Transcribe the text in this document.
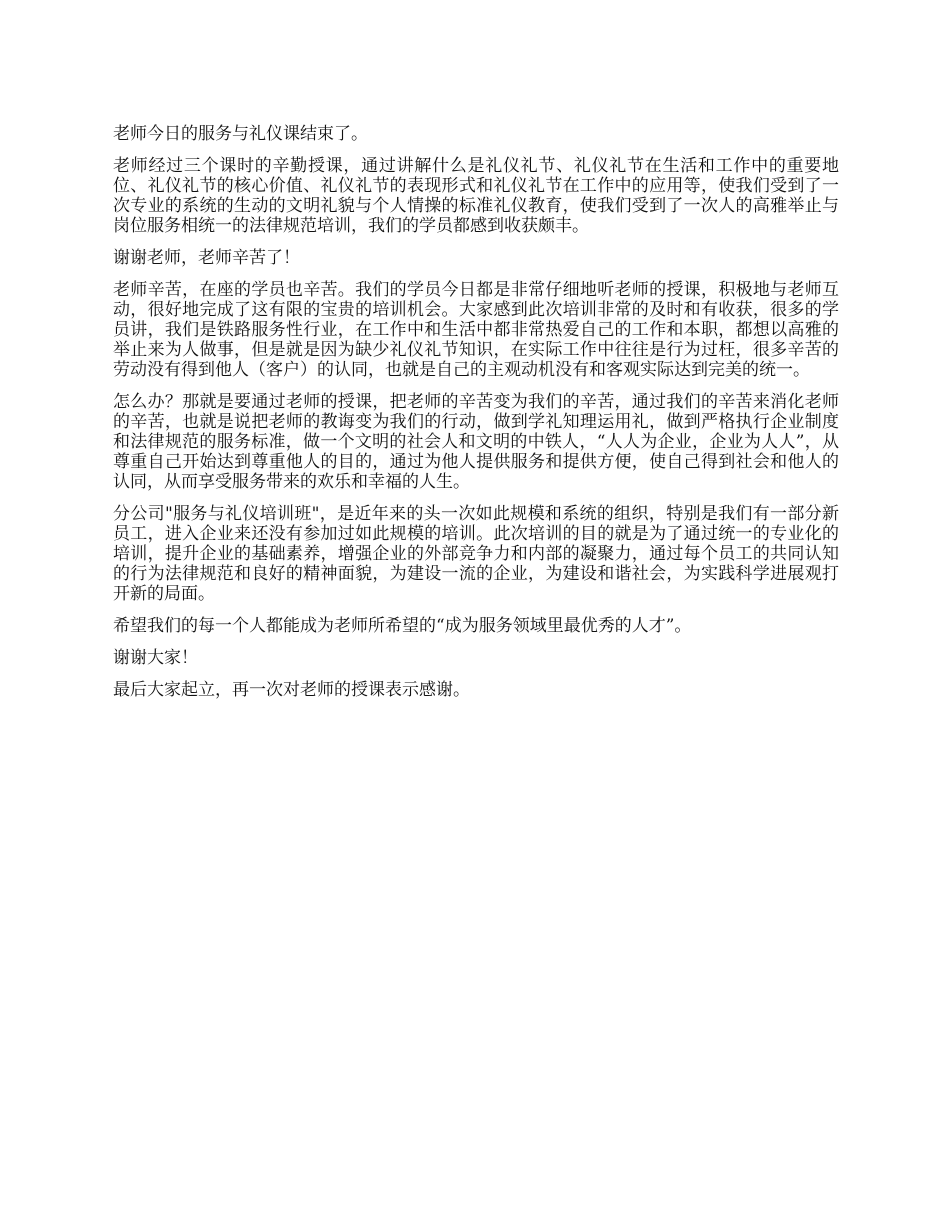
老师今日的服务与礼仪课结束了。

老师经过三个课时的辛勤授课，通过讲解什么是礼仪礼节、礼仪礼节在生活和工作中的重要地位、礼仪礼节的核心价值、礼仪礼节的表现形式和礼仪礼节在工作中的应用等，使我们受到了一次专业的系统的生动的文明礼貌与个人情操的标准礼仪教育，使我们受到了一次人的高雅举止与岗位服务相统一的法律规范培训，我们的学员都感到收获颇丰。

谢谢老师，老师辛苦了！

老师辛苦，在座的学员也辛苦。我们的学员今日都是非常仔细地听老师的授课，积极地与老师互动，很好地完成了这有限的宝贵的培训机会。大家感到此次培训非常的及时和有收获，很多的学员讲，我们是铁路服务性行业，在工作中和生活中都非常热爱自己的工作和本职，都想以高雅的举止来为人做事，但是就是因为缺少礼仪礼节知识，在实际工作中往往是行为过枉，很多辛苦的劳动没有得到他人（客户）的认同，也就是自己的主观动机没有和客观实际达到完美的统一。

怎么办？那就是要通过老师的授课，把老师的辛苦变为我们的辛苦，通过我们的辛苦来消化老师的辛苦，也就是说把老师的教诲变为我们的行动，做到学礼知理运用礼，做到严格执行企业制度和法律规范的服务标准，做一个文明的社会人和文明的中铁人，“人人为企业，企业为人人”，从尊重自己开始达到尊重他人的目的，通过为他人提供服务和提供方便，使自己得到社会和他人的认同，从而享受服务带来的欢乐和幸福的人生。

分公司"服务与礼仪培训班"，是近年来的头一次如此规模和系统的组织，特别是我们有一部分新员工，进入企业来还没有参加过如此规模的培训。此次培训的目的就是为了通过统一的专业化的培训，提升企业的基础素养，增强企业的外部竞争力和内部的凝聚力，通过每个员工的共同认知的行为法律规范和良好的精神面貌，为建设一流的企业，为建设和谐社会，为实践科学进展观打开新的局面。

希望我们的每一个人都能成为老师所希望的“成为服务领域里最优秀的人才”。

谢谢大家！

最后大家起立，再一次对老师的授课表示感谢。
